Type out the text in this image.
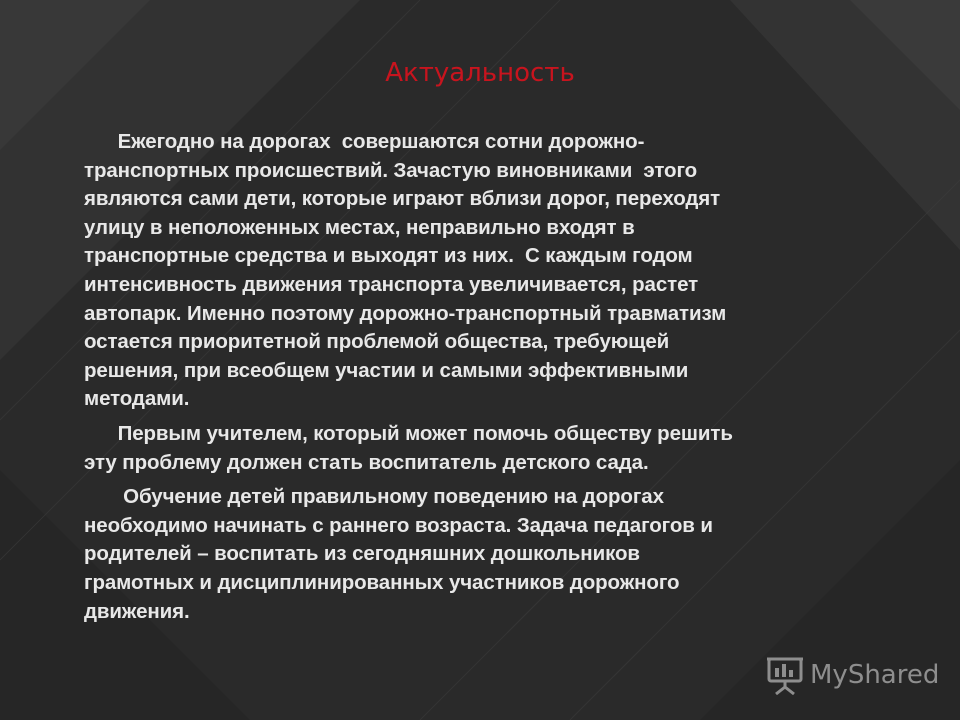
Актуальность

Ежегодно на дорогах  совершаются сотни дорожно-
транспортных происшествий. Зачастую виновниками  этого
являются сами дети, которые играют вблизи дорог, переходят
улицу в неположенных местах, неправильно входят в
транспортные средства и выходят из них.  С каждым годом
интенсивность движения транспорта увеличивается, растет
автопарк. Именно поэтому дорожно-транспортный травматизм
остается приоритетной проблемой общества, требующей
решения, при всеобщем участии и самыми эффективными
методами.

Первым учителем, который может помочь обществу решить
эту проблему должен стать воспитатель детского сада.

Обучение детей правильному поведению на дорогах
необходимо начинать с раннего возраста. Задача педагогов и
родителей – воспитать из сегодняшних дошкольников
грамотных и дисциплинированных участников дорожного
движения.

MyShared
